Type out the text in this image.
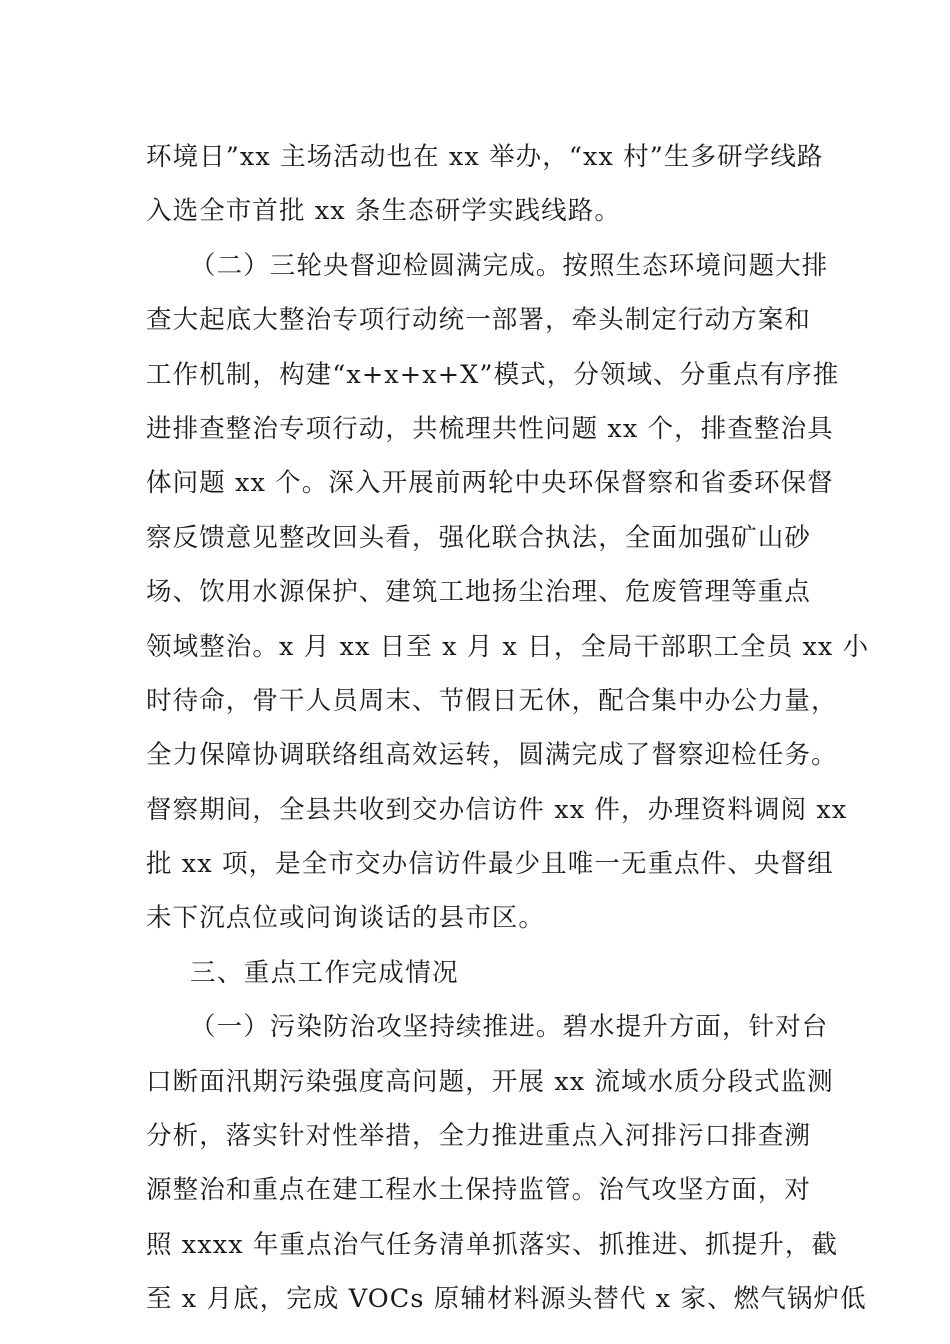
环境日”xx 主场活动也在 xx 举办，“xx 村”生多研学线路
入选全市首批 xx 条生态研学实践线路。
（二）三轮央督迎检圆满完成。按照生态环境问题大排
查大起底大整治专项行动统一部署，牵头制定行动方案和
工作机制，构建“x+x+x+X”模式，分领域、分重点有序推
进排查整治专项行动，共梳理共性问题 xx 个，排查整治具
体问题 xx 个。深入开展前两轮中央环保督察和省委环保督
察反馈意见整改回头看，强化联合执法，全面加强矿山砂
场、饮用水源保护、建筑工地扬尘治理、危废管理等重点
领域整治。x 月 xx 日至 x 月 x 日，全局干部职工全员 xx 小
时待命，骨干人员周末、节假日无休，配合集中办公力量，
全力保障协调联络组高效运转，圆满完成了督察迎检任务。
督察期间，全县共收到交办信访件 xx 件，办理资料调阅 xx
批 xx 项，是全市交办信访件最少且唯一无重点件、央督组
未下沉点位或问询谈话的县市区。
三、重点工作完成情况
（一）污染防治攻坚持续推进。碧水提升方面，针对台
口断面汛期污染强度高问题，开展 xx 流域水质分段式监测
分析，落实针对性举措，全力推进重点入河排污口排查溯
源整治和重点在建工程水土保持监管。治气攻坚方面，对
照 xxxx 年重点治气任务清单抓落实、抓推进、抓提升，截
至 x 月底，完成 VOCs 原辅材料源头替代 x 家、燃气锅炉低
